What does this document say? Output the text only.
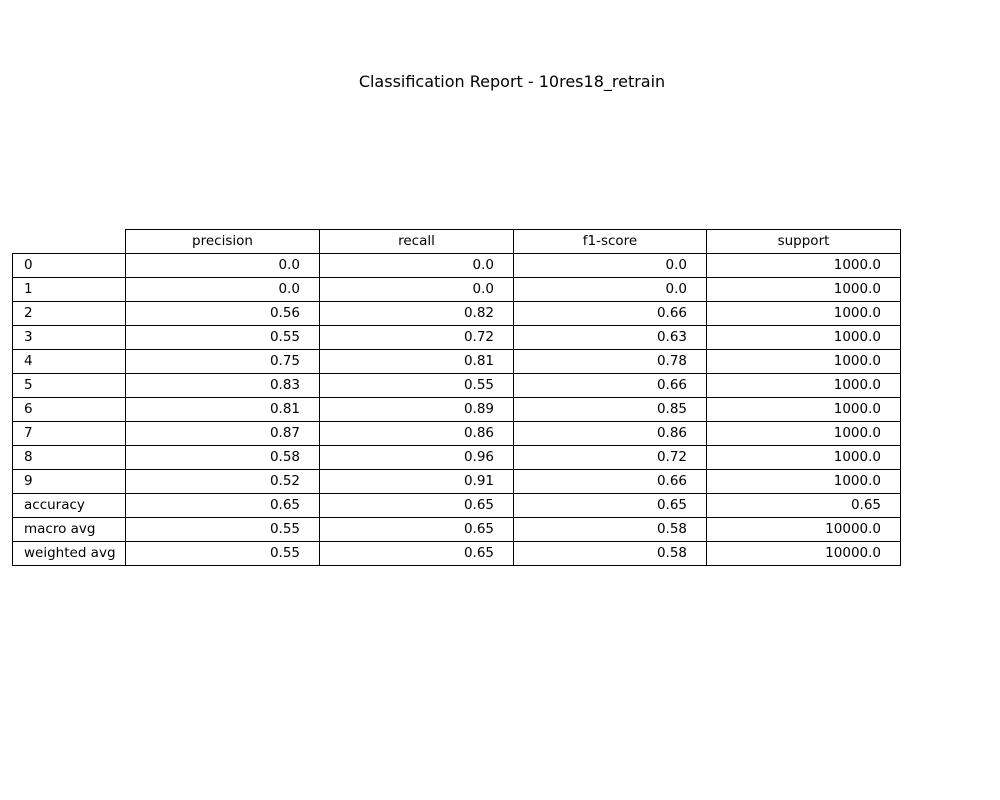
Classification Report - 10res18_retrain
	precision	recall	f1-score	support
0	0.0	0.0	0.0	1000.0
1	0.0	0.0	0.0	1000.0
2	0.56	0.82	0.66	1000.0
3	0.55	0.72	0.63	1000.0
4	0.75	0.81	0.78	1000.0
5	0.83	0.55	0.66	1000.0
6	0.81	0.89	0.85	1000.0
7	0.87	0.86	0.86	1000.0
8	0.58	0.96	0.72	1000.0
9	0.52	0.91	0.66	1000.0
accuracy	0.65	0.65	0.65	0.65
macro avg	0.55	0.65	0.58	10000.0
weighted avg	0.55	0.65	0.58	10000.0
